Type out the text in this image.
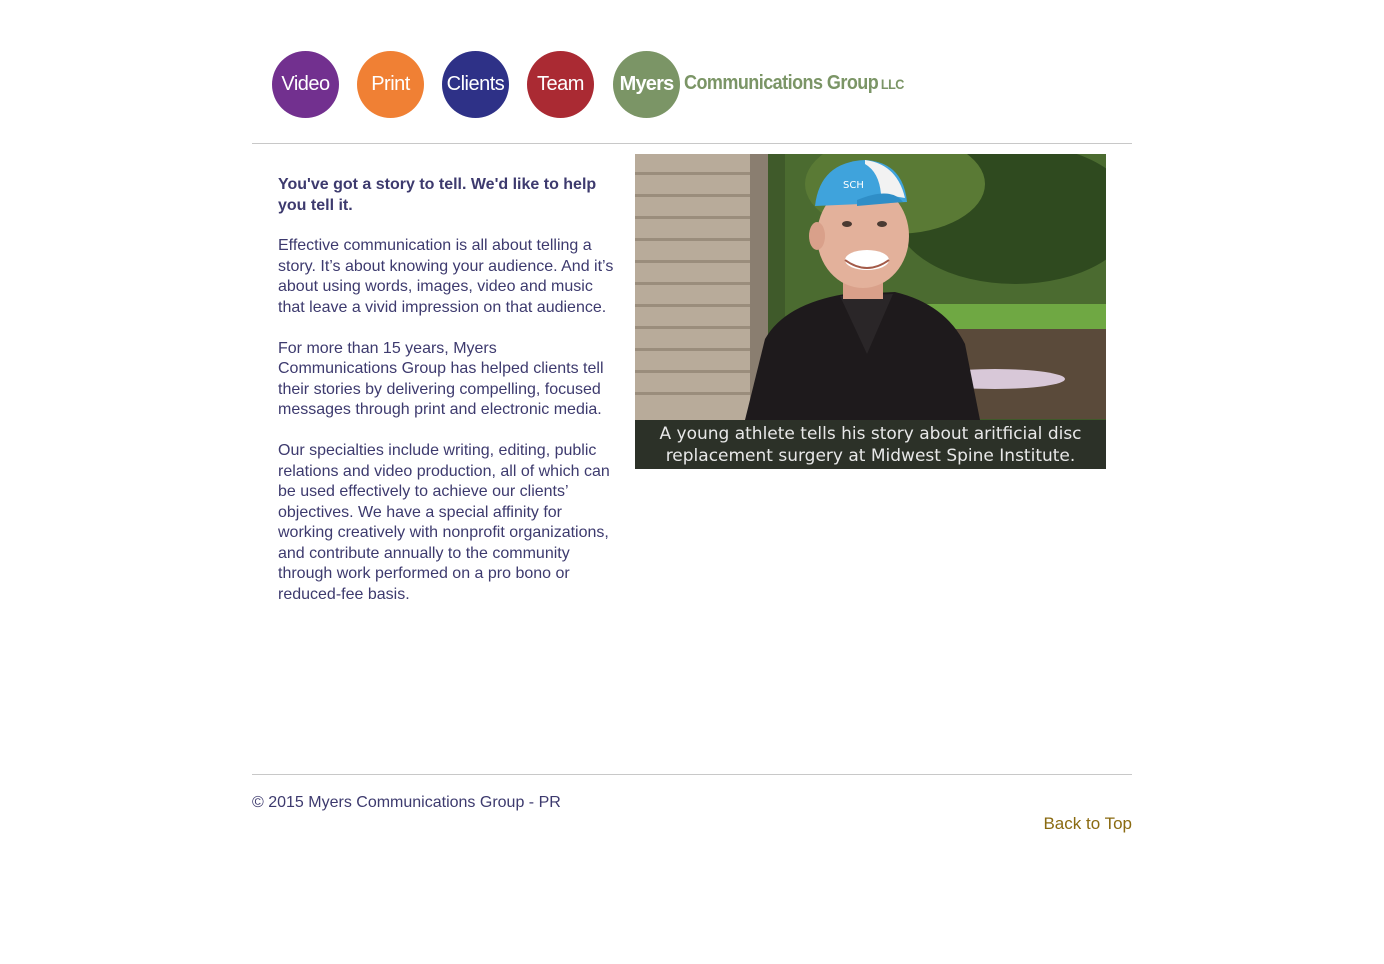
Video	Print	Clients	Team	Myers Communications Group LLC

You've got a story to tell. We'd like to help you tell it.

Effective communication is all about telling a story. It’s about knowing your audience. And it’s about using words, images, video and music that leave a vivid impression on that audience.

For more than 15 years, Myers Communications Group has helped clients tell their stories by delivering compelling, focused messages through print and electronic media.

Our specialties include writing, editing, public relations and video production, all of which can be used effectively to achieve our clients’ objectives. We have a special affinity for working creatively with nonprofit organizations, and contribute annually to the community through work performed on a pro bono or reduced-fee basis.

SCH
A young athlete tells his story about aritficial disc replacement surgery at Midwest Spine Institute.
© 2015 Myers Communications Group - PR
Back to Top
